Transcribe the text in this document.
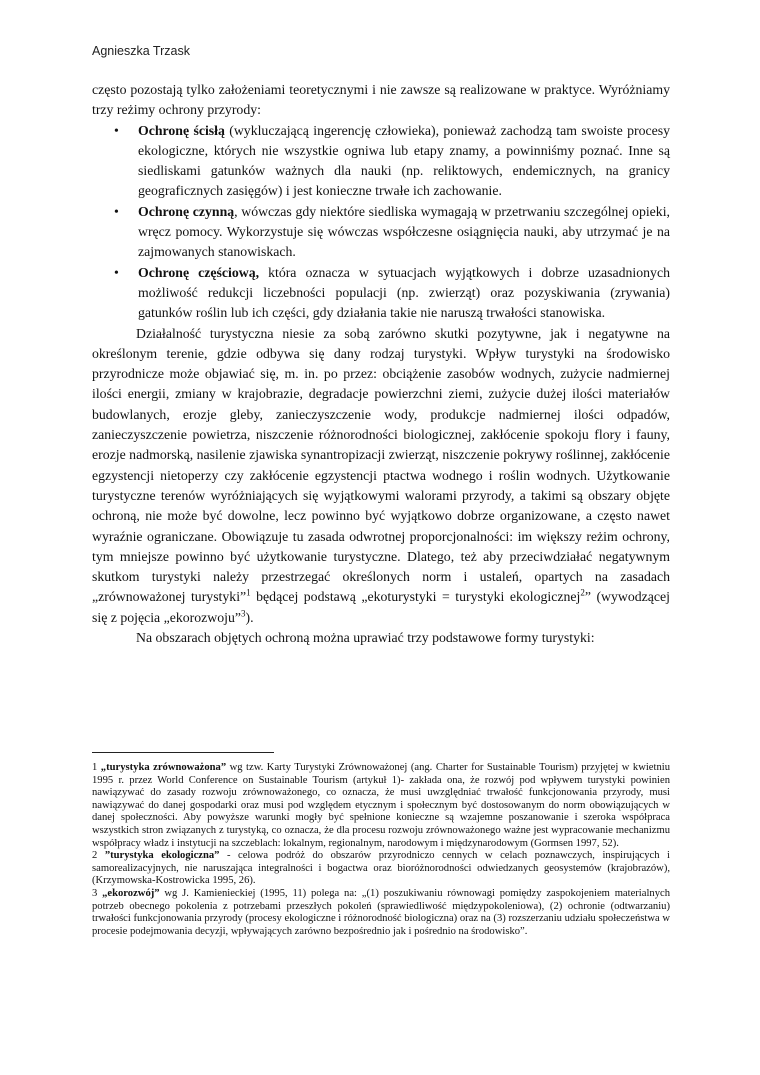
Agnieszka Trzask

często pozostają tylko założeniami teoretycznymi i nie zawsze są realizowane w praktyce. Wyróżniamy trzy reżimy ochrony przyrody:

• Ochronę ścisłą (wykluczającą ingerencję człowieka), ponieważ zachodzą tam swoiste procesy ekologiczne, których nie wszystkie ogniwa lub etapy znamy, a powinniśmy poznać. Inne są siedliskami gatunków ważnych dla nauki (np. reliktowych, endemicznych, na granicy geograficznych zasięgów) i jest konieczne trwałe ich zachowanie.
• Ochronę czynną, wówczas gdy niektóre siedliska wymagają w przetrwaniu szczególnej opieki, wręcz pomocy. Wykorzystuje się wówczas współczesne osiągnięcia nauki, aby utrzymać je na zajmowanych stanowiskach.
• Ochronę częściową, która oznacza w sytuacjach wyjątkowych i dobrze uzasadnionych możliwość redukcji liczebności populacji (np. zwierząt) oraz pozyskiwania (zrywania) gatunków roślin lub ich części, gdy działania takie nie naruszą trwałości stanowiska.

Działalność turystyczna niesie za sobą zarówno skutki pozytywne, jak i negatywne na określonym terenie, gdzie odbywa się dany rodzaj turystyki. Wpływ turystyki na środowisko przyrodnicze może objawiać się, m. in. po przez: obciążenie zasobów wodnych, zużycie nadmiernej ilości energii, zmiany w krajobrazie, degradacje powierzchni ziemi, zużycie dużej ilości materiałów budowlanych, erozje gleby, zanieczyszczenie wody, produkcje nadmiernej ilości odpadów, zanieczyszczenie powietrza, niszczenie różnorodności biologicznej, zakłócenie spokoju flory i fauny, erozje nadmorską, nasilenie zjawiska synantropizacji zwierząt, niszczenie pokrywy roślinnej, zakłócenie egzystencji nietoperzy czy zakłócenie egzystencji ptactwa wodnego i roślin wodnych. Użytkowanie turystyczne terenów wyróżniających się wyjątkowymi walorami przyrody, a takimi są obszary objęte ochroną, nie może być dowolne, lecz powinno być wyjątkowo dobrze organizowane, a często nawet wyraźnie ograniczane. Obowiązuje tu zasada odwrotnej proporcjonalności: im większy reżim ochrony, tym mniejsze powinno być użytkowanie turystyczne. Dlatego, też aby przeciwdziałać negatywnym skutkom turystyki należy przestrzegać określonych norm i ustaleń, opartych na zasadach „zrównoważonej turystyki”$^1$ będącej podstawą „ekoturystyki = turystyki ekologicznej$^2$” (wywodzącej się z pojęcia „ekorozwoju”$^3$).

Na obszarach objętych ochroną można uprawiać trzy podstawowe formy turystyki:

1 „turystyka zrównoważona” wg tzw. Karty Turystyki Zrównoważonej (ang. Charter for Sustainable Tourism) przyjętej w kwietniu 1995 r. przez World Conference on Sustainable Tourism (artykuł 1)- zakłada ona, że rozwój pod wpływem turystyki powinien nawiązywać do zasady rozwoju zrównoważonego, co oznacza, że musi uwzględniać trwałość funkcjonowania przyrody, musi nawiązywać do danej gospodarki oraz musi pod względem etycznym i społecznym być dostosowanym do norm obowiązujących w danej społeczności. Aby powyższe warunki mogły być spełnione konieczne są wzajemne poszanowanie i szeroka współpraca wszystkich stron związanych z turystyką, co oznacza, że dla procesu rozwoju zrównoważonego ważne jest wypracowanie mechanizmu współpracy władz i instytucji na szczeblach: lokalnym, regionalnym, narodowym i międzynarodowym (Gormsen 1997, 52).

2 ”turystyka ekologiczna” - celowa podróż do obszarów przyrodniczo cennych w celach poznawczych, inspirujących i samorealizacyjnych, nie naruszająca integralności i bogactwa oraz bioróżnorodności odwiedzanych geosystemów (krajobrazów), (Krzymowska-Kostrowicka 1995, 26).

3 „ekorozwój” wg J. Kamienieckiej (1995, 11) polega na: „(1) poszukiwaniu równowagi pomiędzy zaspokojeniem materialnych potrzeb obecnego pokolenia z potrzebami przeszłych pokoleń (sprawiedliwość międzypokoleniowa), (2) ochronie (odtwarzaniu) trwałości funkcjonowania przyrody (procesy ekologiczne i różnorodność biologiczna) oraz na (3) rozszerzaniu udziału społeczeństwa w procesie podejmowania decyzji, wpływających zarówno bezpośrednio jak i pośrednio na środowisko”.
